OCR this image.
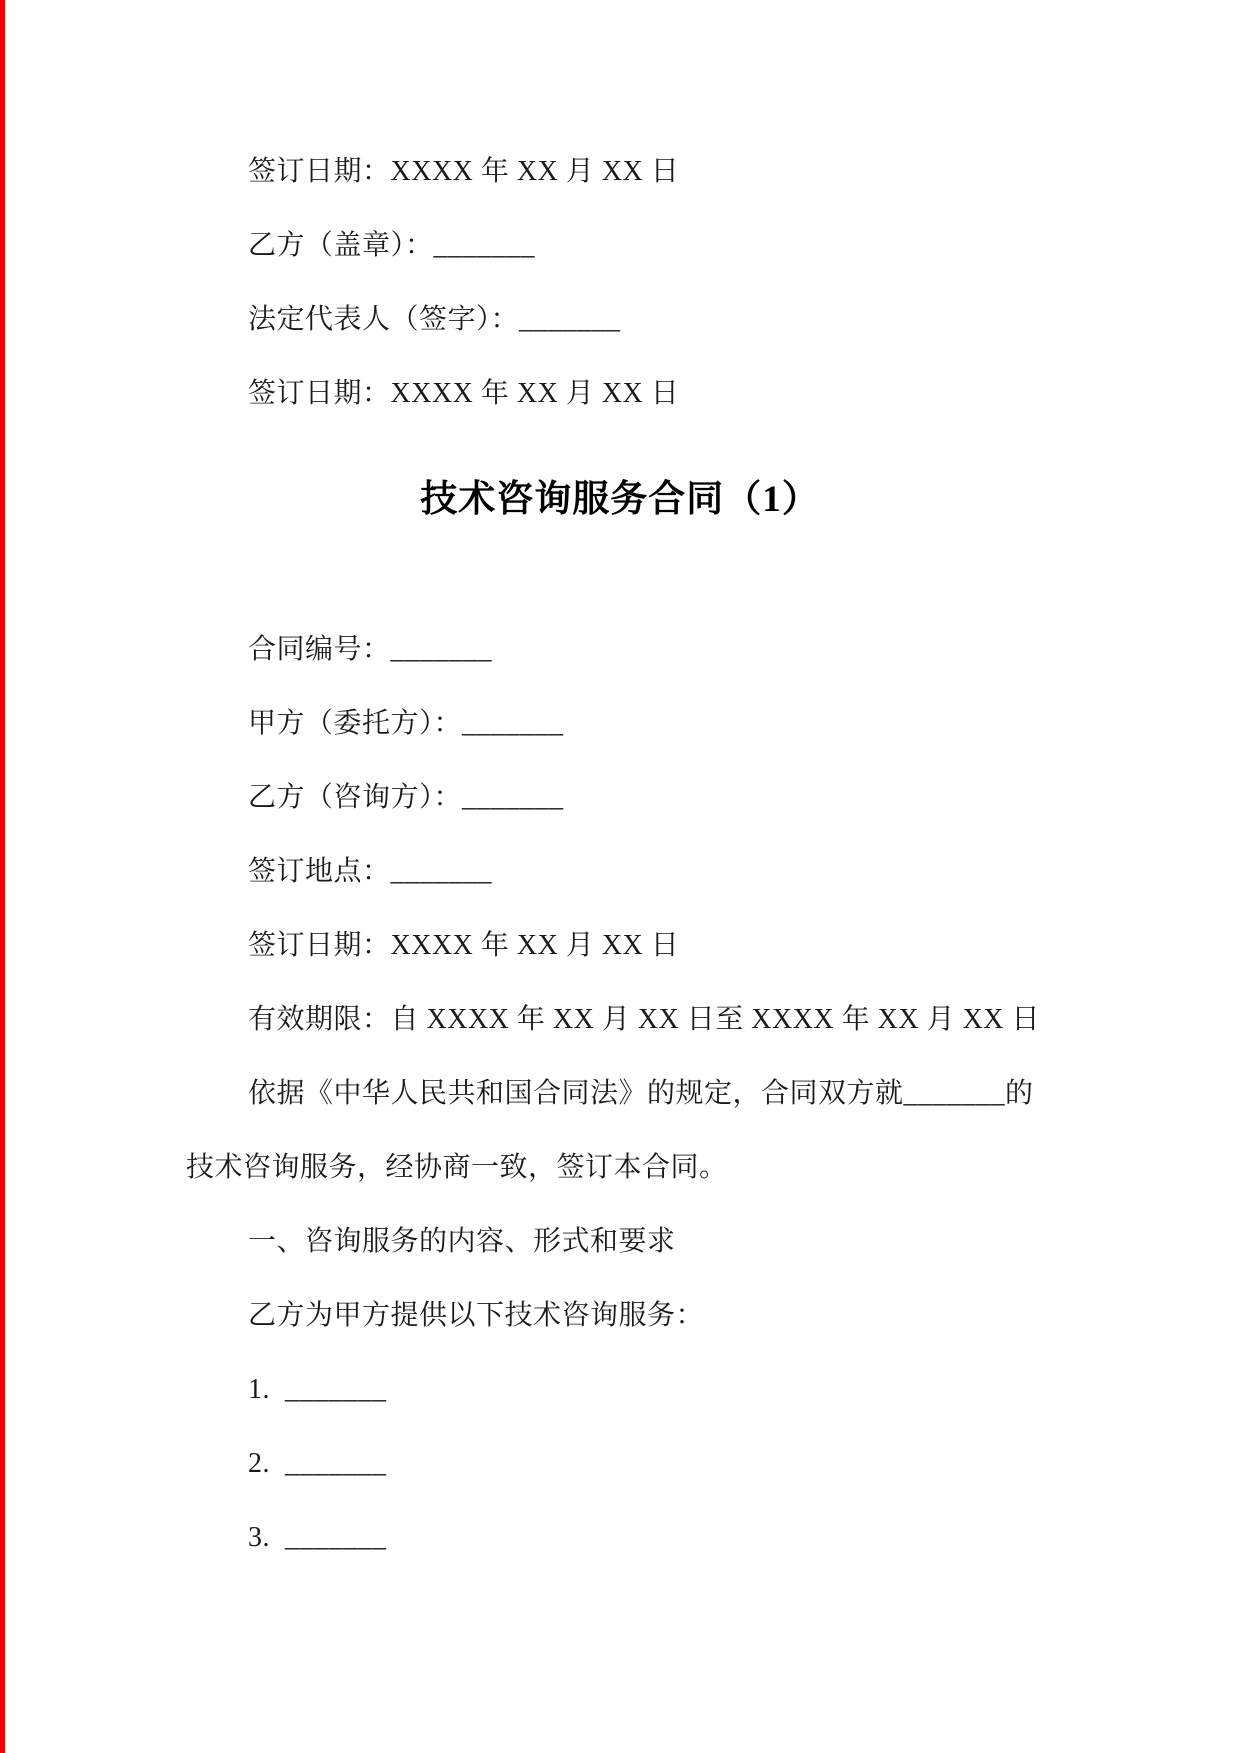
签订日期：XXXX 年 XX 月 XX 日

乙方（盖章）：_______

法定代表人（签字）：_______

签订日期：XXXX 年 XX 月 XX 日

技术咨询服务合同（1）

合同编号：_______

甲方（委托方）：_______

乙方（咨询方）：_______

签订地点：_______

签订日期：XXXX 年 XX 月 XX 日

有效期限：自 XXXX 年 XX 月 XX 日至 XXXX 年 XX 月 XX 日

依据《中华人民共和国合同法》的规定，合同双方就_______的

技术咨询服务，经协商一致，签订本合同。

一、咨询服务的内容、形式和要求

乙方为甲方提供以下技术咨询服务：

1.  _______

2.  _______

3.  _______
